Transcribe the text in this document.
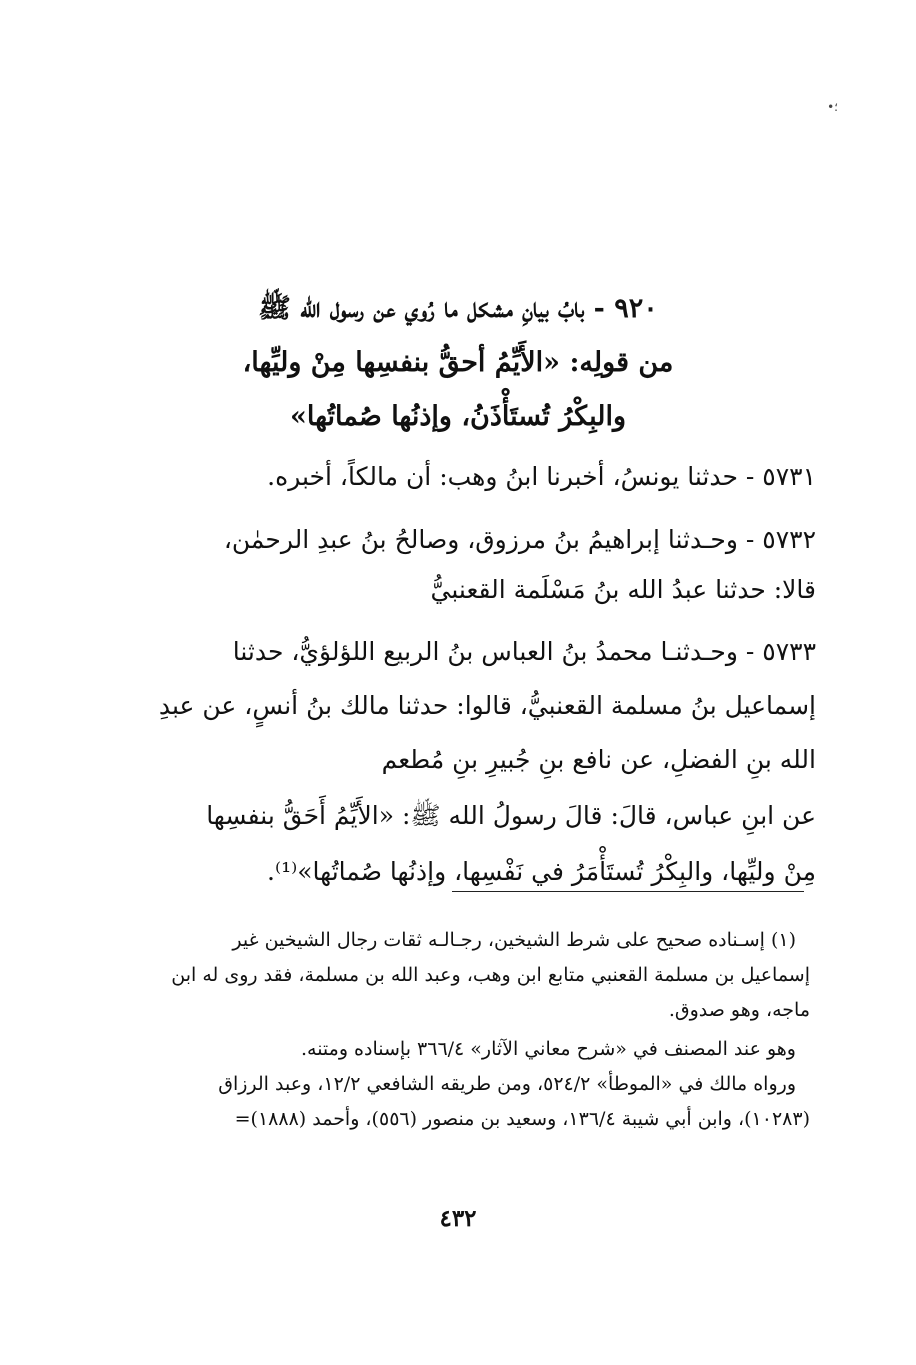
•؛
٩٢٠ - بابُ بيانِ مشكل ما رُوي عن رسول الله ﷺ
من قولِه: «الأَيِّمُ أحقُّ بنفسِها مِنْ وليِّها،
والبِكْرُ تُستَأْذَنُ، وإذنُها صُماتُها»
٥٧٣١ - حدثنا يونسُ، أخبرنا ابنُ وهب: أن مالكاً، أخبره.
٥٧٣٢ - وحـدثنا إبراهيمُ بنُ مرزوق، وصالحُ بنُ عبدِ الرحمٰن،
قالا: حدثنا عبدُ الله بنُ مَسْلَمة القعنبيُّ
٥٧٣٣ - وحـدثنـا محمدُ بنُ العباس بنُ الربيع اللؤلؤيُّ، حدثنا
إسماعيل بنُ مسلمة القعنبيُّ، قالوا: حدثنا مالك بنُ أنسٍ، عن عبدِ
الله بنِ الفضلِ، عن نافع بنِ جُبيرِ بنِ مُطعم
عن ابنِ عباس، قالَ: قالَ رسولُ الله ﷺ: «الأَيِّمُ أَحَقُّ بنفسِها
مِنْ وليِّها، والبِكْرُ تُستَأْمَرُ في نَفْسِها، وإذنُها صُماتُها»⁽¹⁾.
(١) إسـناده صحيح على شرط الشيخين، رجـالـه ثقات رجال الشيخين غير
إسماعيل بن مسلمة القعنبي متابع ابن وهب، وعبد الله بن مسلمة، فقد روى له ابن
ماجه، وهو صدوق.
وهو عند المصنف في «شرح معاني الآثار» ٣٦٦/٤ بإسناده ومتنه.
ورواه مالك في «الموطأ» ٥٢٤/٢، ومن طريقه الشافعي ١٢/٢، وعبد الرزاق
(١٠٢٨٣)، وابن أبي شيبة ١٣٦/٤، وسعيد بن منصور (٥٥٦)، وأحمد (١٨٨٨)=
٤٣٢
